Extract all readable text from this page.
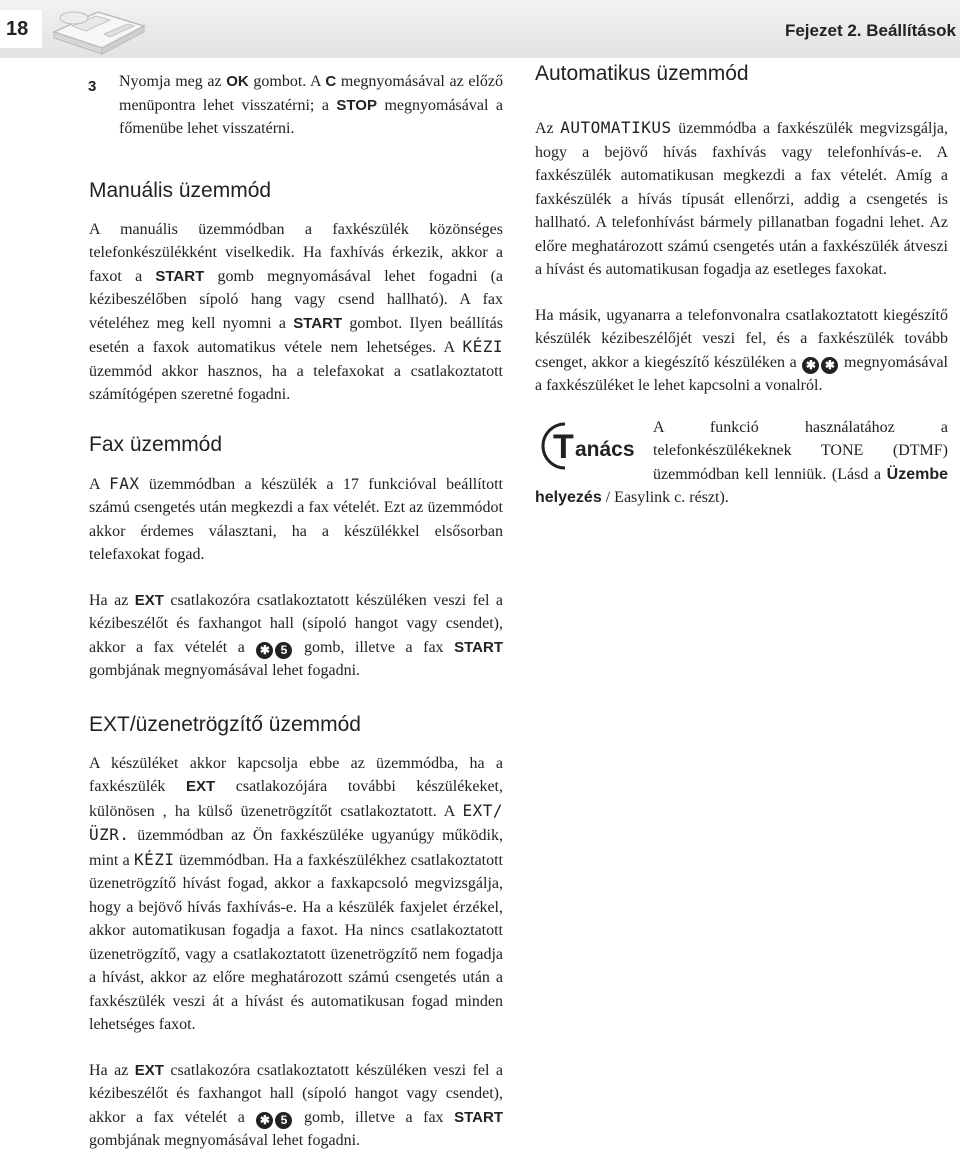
18	Fejezet 2. Beállítások
3 Nyomja meg az OK gombot. A C megnyomásával az előző menüpontra lehet visszatérni; a STOP megnyomásával a főmenübe lehet visszatérni.

Manuális üzemmód

A manuális üzemmódban a faxkészülék közönséges telefonkészülékként viselkedik. Ha faxhívás érkezik, akkor a faxot a START gomb megnyomásával lehet fogadni (a kézibeszélőben sípoló hang vagy csend hallható). A fax vételéhez meg kell nyomni a START gombot. Ilyen beállítás esetén a faxok automatikus vétele nem lehetséges. A KÉZI üzemmód akkor hasznos, ha a telefaxokat a csatlakoztatott számítógépen szeretné fogadni.

Fax üzemmód

A FAX üzemmódban a készülék a 17 funkcióval beállított számú csengetés után megkezdi a fax vételét. Ezt az üzemmódot akkor érdemes választani, ha a készülékkel elsősorban telefaxokat fogad.

Ha az EXT csatlakozóra csatlakoztatott készüléken veszi fel a kézibeszélőt és faxhangot hall (sípoló hangot vagy csendet), akkor a fax vételét a ✱ 5 gomb, illetve a fax START gombjának megnyomásával lehet fogadni.

EXT/üzenetrögzítő üzemmód

A készüléket akkor kapcsolja ebbe az üzemmódba, ha a faxkészülék EXT csatlakozójára további készülékeket, különösen , ha külső üzenetrögzítőt csatlakoztatott. A EXT/ÜZR. üzemmódban az Ön faxkészüléke ugyanúgy működik, mint a KÉZI üzemmódban. Ha a faxkészülékhez csatlakoztatott üzenetrögzítő hívást fogad, akkor a faxkapcsoló megvizsgálja, hogy a bejövő hívás faxhívás-e. Ha a készülék faxjelet érzékel, akkor automatikusan fogadja a faxot. Ha nincs csatlakoztatott üzenetrögzítő, vagy a csatlakoztatott üzenetrögzítő nem fogadja a hívást, akkor az előre meghatározott számú csengetés után a faxkészülék veszi át a hívást és automatikusan fogad minden lehetséges faxot.

Ha az EXT csatlakozóra csatlakoztatott készüléken veszi fel a kézibeszélőt és faxhangot hall (sípoló hangot vagy csendet), akkor a fax vételét a ✱ 5 gomb, illetve a fax START gombjának megnyomásával lehet fogadni.

Automatikus üzemmód

Az AUTOMATIKUS üzemmódba a faxkészülék megvizsgálja, hogy a bejövő hívás faxhívás vagy telefonhívás-e. A faxkészülék automatikusan megkezdi a fax vételét. Amíg a faxkészülék a hívás típusát ellenőrzi, addig a csengetés is hallható. A telefonhívást bármely pillanatban fogadni lehet. Az előre meghatározott számú csengetés után a faxkészülék átveszi a hívást és automatikusan fogadja az esetleges faxokat.

Ha másik, ugyanarra a telefonvonalra csatlakoztatott kiegészítő készülék kézibeszélőjét veszi fel, és a faxkészülék tovább csenget, akkor a kiegészítő készüléken a ✱ ✱ megnyomásával a faxkészüléket le lehet kapcsolni a vonalról.

T anács

A funkció használatához a telefonkészülékeknek TONE (DTMF) üzemmódban kell lenniük. (Lásd a Üzembe helyezés / Easylink c. részt).
